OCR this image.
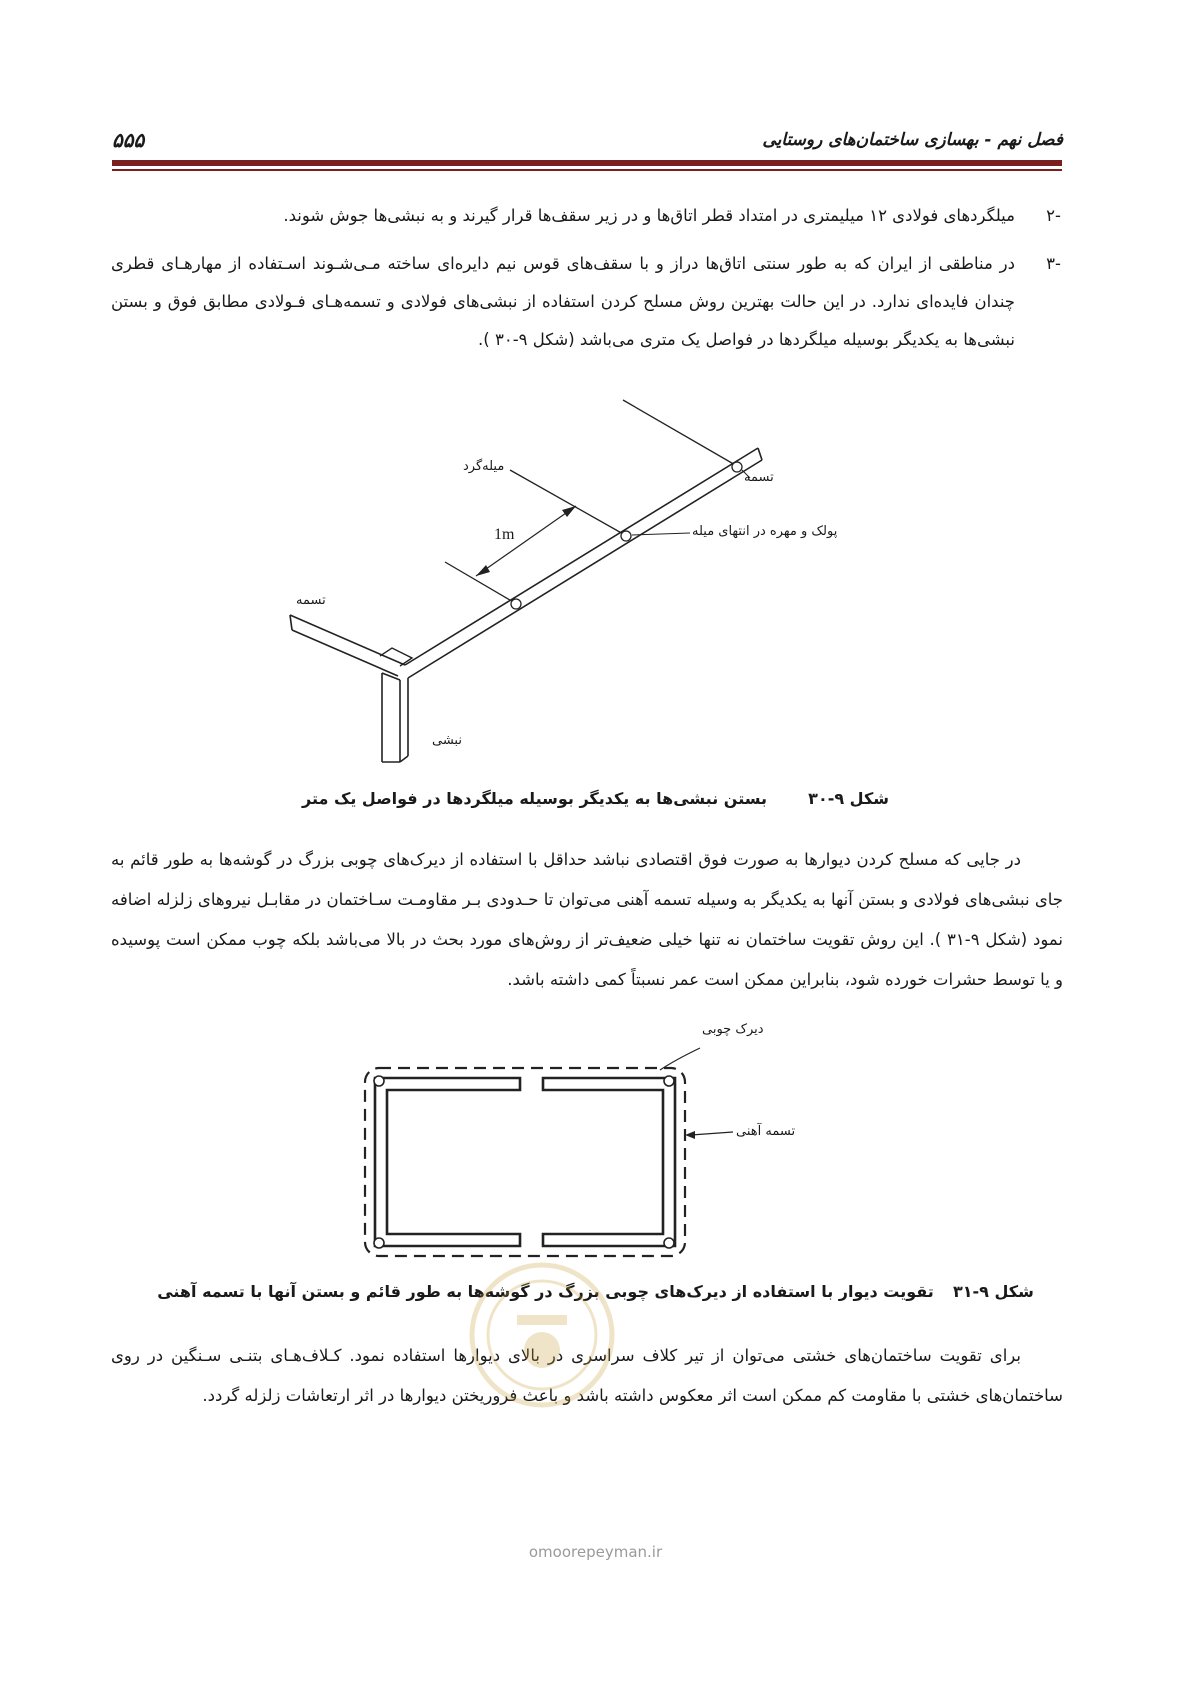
فصل نهم - بهسازی ساختمان‌های روستایی
۵۵۵
-۲
میلگردهای فولادی ۱۲ میلیمتری در امتداد قطر اتاق‌ها و در زیر سقف‌ها قرار گیرند و به نبشی‌ها جوش شوند.
-۳
در مناطقی از ایران که به طور سنتی اتاق‌ها دراز و با سقف‌های قوس نیم دایره‌ای ساخته مـی‌شـوند اسـتفاده از مهارهـای قطری چندان فایده‌ای ندارد. در این حالت بهترین روش مسلح کردن استفاده از نبشی‌های فولادی و تسمه‌هـای فـولادی مطابق فوق و بستن نبشی‌ها به یکدیگر بوسیله میلگردها در فواصل یک متری می‌باشد (شکل ۹-۳۰ ).
میله‌گرد
تسمه
پولک و مهره در انتهای میله
1m
تسمه
نبشی
شکل ۹-۳۰  بستن نبشی‌ها به یکدیگر بوسیله میلگردها در فواصل یک متر
در جایی که مسلح کردن دیوارها به صورت فوق اقتصادی نباشد حداقل با استفاده از دیرک‌های چوبی بزرگ در گوشه‌ها به طور قائم به جای نبشی‌های فولادی و بستن آنها به یکدیگر به وسیله تسمه آهنی می‌توان تا حـدودی بـر مقاومـت سـاختمان در مقابـل نیروهای زلزله اضافه نمود (شکل ۹-۳۱ ). این روش تقویت ساختمان نه تنها خیلی ضعیف‌تر از روش‌های مورد بحث در بالا می‌باشد بلکه چوب ممکن است پوسیده و یا توسط حشرات خورده شود، بنابراین ممکن است عمر نسبتاً کمی داشته باشد.
دیرک چوبی
تسمه آهنی
شکل ۹-۳۱  تقویت دیوار با استفاده از دیرک‌های چوبی بزرگ در گوشه‌ها به طور قائم و بستن آنها با تسمه آهنی
برای تقویت ساختمان‌های خشتی می‌توان از تیر کلاف سراسری در بالای دیوارها استفاده نمود. کـلاف‌هـای بتنـی سـنگین در روی ساختمان‌های خشتی با مقاومت کم ممکن است اثر معکوس داشته باشد و باعث فروریختن دیوارها در اثر ارتعاشات زلزله گردد.
omoorepeyman.ir
